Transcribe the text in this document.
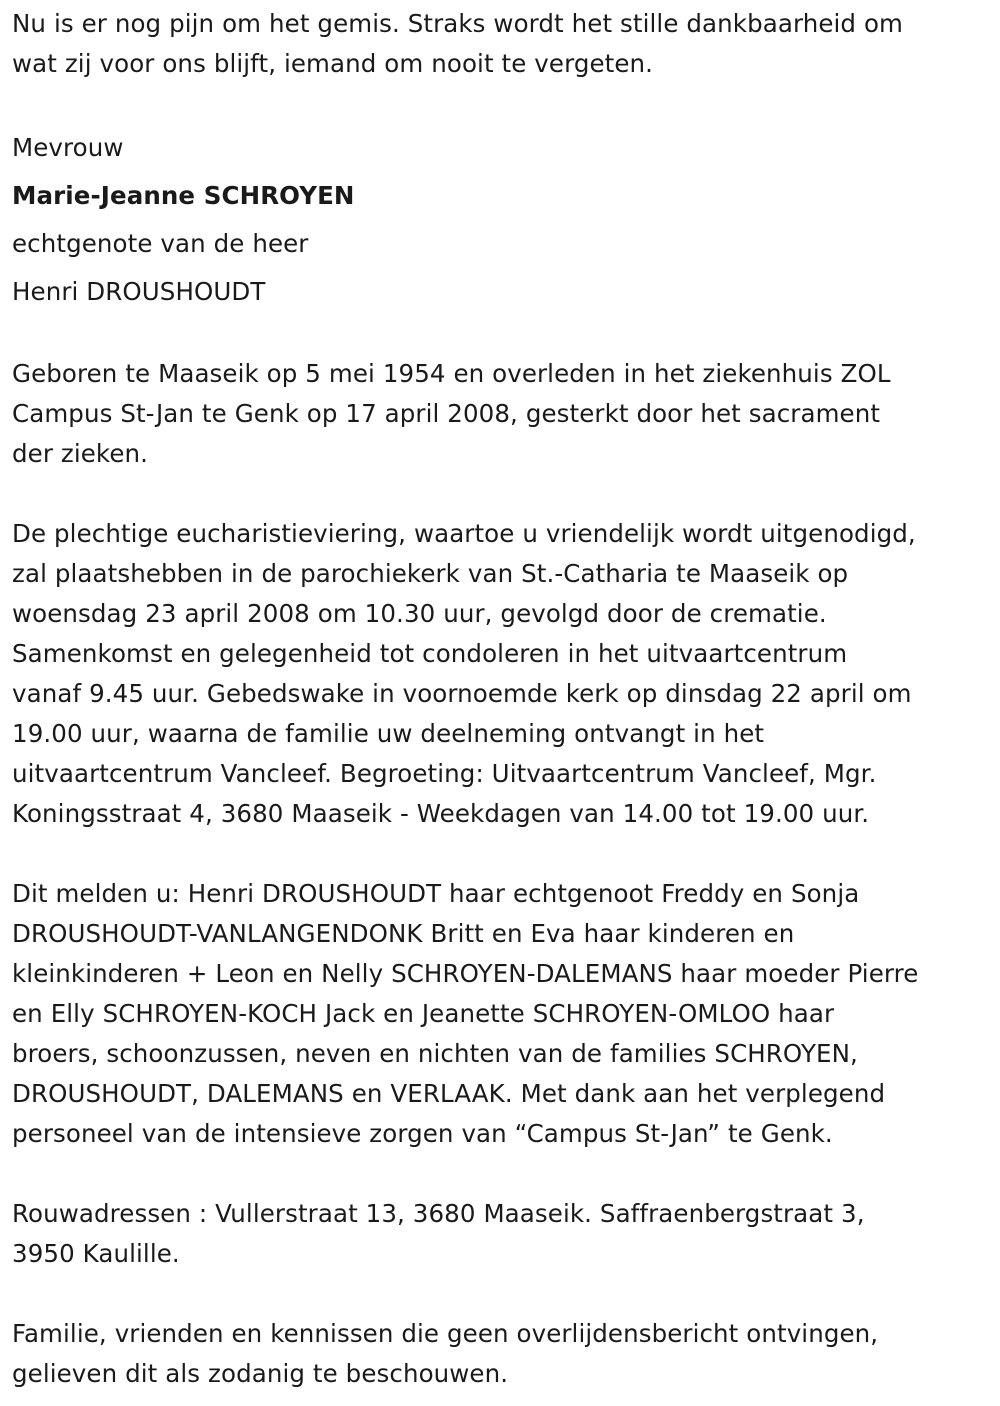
Nu is er nog pijn om het gemis. Straks wordt het stille dankbaarheid om
wat zij voor ons blijft, iemand om nooit te vergeten.
Mevrouw
Marie-Jeanne SCHROYEN
echtgenote van de heer
Henri DROUSHOUDT
Geboren te Maaseik op 5 mei 1954 en overleden in het ziekenhuis ZOL
Campus St-Jan te Genk op 17 april 2008, gesterkt door het sacrament
der zieken.
De plechtige eucharistieviering, waartoe u vriendelijk wordt uitgenodigd,
zal plaatshebben in de parochiekerk van St.-Catharia te Maaseik op
woensdag 23 april 2008 om 10.30 uur, gevolgd door de crematie.
Samenkomst en gelegenheid tot condoleren in het uitvaartcentrum
vanaf 9.45 uur. Gebedswake in voornoemde kerk op dinsdag 22 april om
19.00 uur, waarna de familie uw deelneming ontvangt in het
uitvaartcentrum Vancleef. Begroeting: Uitvaartcentrum Vancleef, Mgr.
Koningsstraat 4, 3680 Maaseik - Weekdagen van 14.00 tot 19.00 uur.
Dit melden u: Henri DROUSHOUDT haar echtgenoot Freddy en Sonja
DROUSHOUDT-VANLANGENDONK Britt en Eva haar kinderen en
kleinkinderen + Leon en Nelly SCHROYEN-DALEMANS haar moeder Pierre
en Elly SCHROYEN-KOCH Jack en Jeanette SCHROYEN-OMLOO haar
broers, schoonzussen, neven en nichten van de families SCHROYEN,
DROUSHOUDT, DALEMANS en VERLAAK. Met dank aan het verplegend
personeel van de intensieve zorgen van “Campus St-Jan” te Genk.
Rouwadressen : Vullerstraat 13, 3680 Maaseik. Saffraenbergstraat 3,
3950 Kaulille.
Familie, vrienden en kennissen die geen overlijdensbericht ontvingen,
gelieven dit als zodanig te beschouwen.
